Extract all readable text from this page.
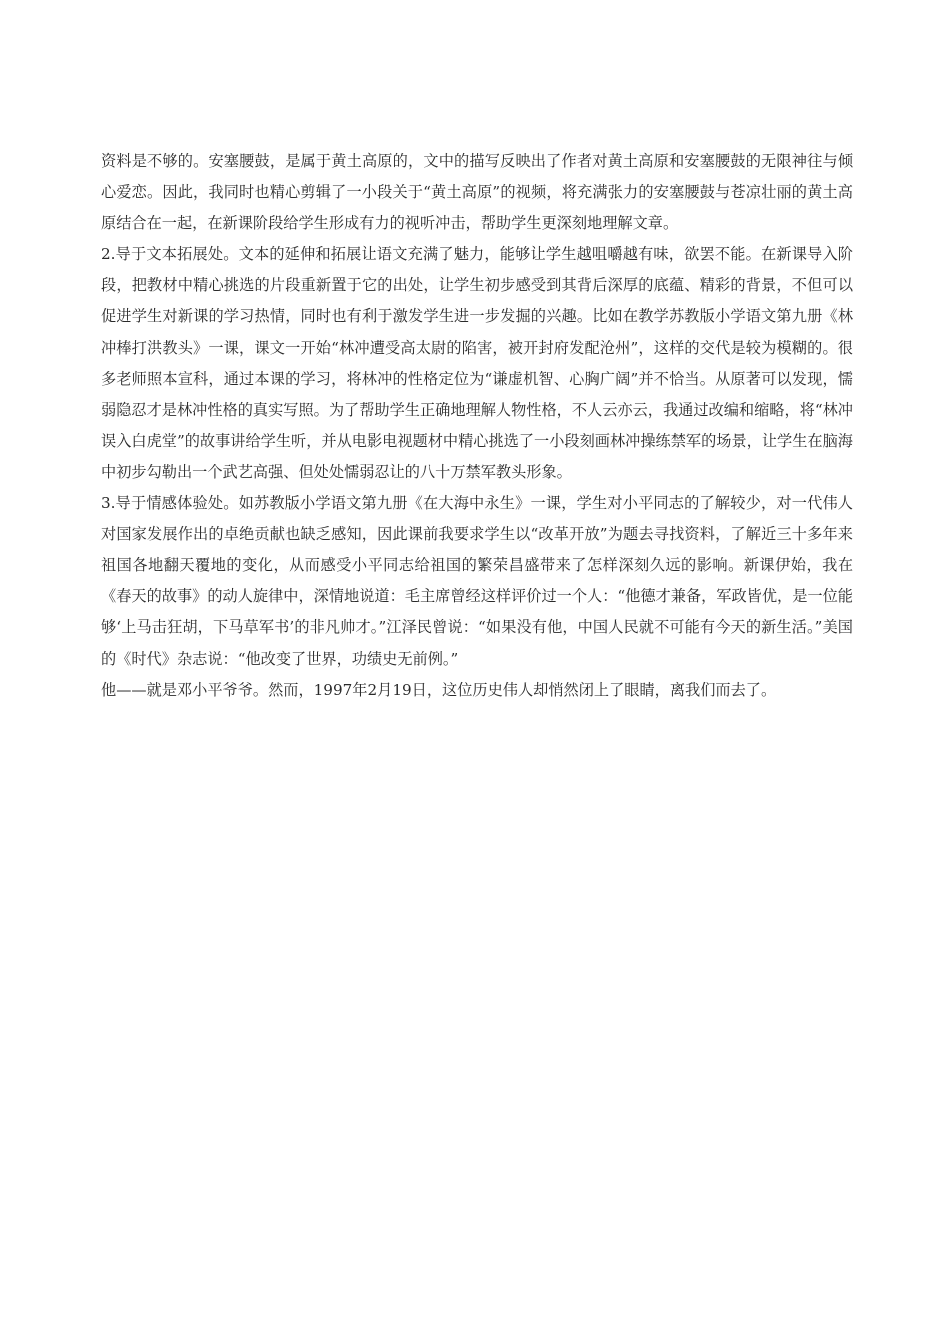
资料是不够的。安塞腰鼓，是属于黄土高原的，文中的描写反映出了作者对黄土高原和安塞腰鼓的无限神往与倾心爱恋。因此，我同时也精心剪辑了一小段关于“黄土高原”的视频，将充满张力的安塞腰鼓与苍凉壮丽的黄土高原结合在一起，在新课阶段给学生形成有力的视听冲击，帮助学生更深刻地理解文章。

2.导于文本拓展处。文本的延伸和拓展让语文充满了魅力，能够让学生越咀嚼越有味，欲罢不能。在新课导入阶段，把教材中精心挑选的片段重新置于它的出处，让学生初步感受到其背后深厚的底蕴、精彩的背景，不但可以促进学生对新课的学习热情，同时也有利于激发学生进一步发掘的兴趣。比如在教学苏教版小学语文第九册《林冲棒打洪教头》一课，课文一开始“林冲遭受高太尉的陷害，被开封府发配沧州”，这样的交代是较为模糊的。很多老师照本宣科，通过本课的学习，将林冲的性格定位为“谦虚机智、心胸广阔”并不恰当。从原著可以发现，懦弱隐忍才是林冲性格的真实写照。为了帮助学生正确地理解人物性格，不人云亦云，我通过改编和缩略，将“林冲误入白虎堂”的故事讲给学生听，并从电影电视题材中精心挑选了一小段刻画林冲操练禁军的场景，让学生在脑海中初步勾勒出一个武艺高强、但处处懦弱忍让的八十万禁军教头形象。

3.导于情感体验处。如苏教版小学语文第九册《在大海中永生》一课，学生对小平同志的了解较少，对一代伟人对国家发展作出的卓绝贡献也缺乏感知，因此课前我要求学生以“改革开放”为题去寻找资料，了解近三十多年来祖国各地翻天覆地的变化，从而感受小平同志给祖国的繁荣昌盛带来了怎样深刻久远的影响。新课伊始，我在《春天的故事》的动人旋律中，深情地说道：毛主席曾经这样评价过一个人：“他德才兼备，军政皆优，是一位能够‘上马击狂胡，下马草军书’的非凡帅才。”江泽民曾说：“如果没有他，中国人民就不可能有今天的新生活。”美国的《时代》杂志说：“他改变了世界，功绩史无前例。”

他——就是邓小平爷爷。然而，1997年2月19日，这位历史伟人却悄然闭上了眼睛，离我们而去了。
